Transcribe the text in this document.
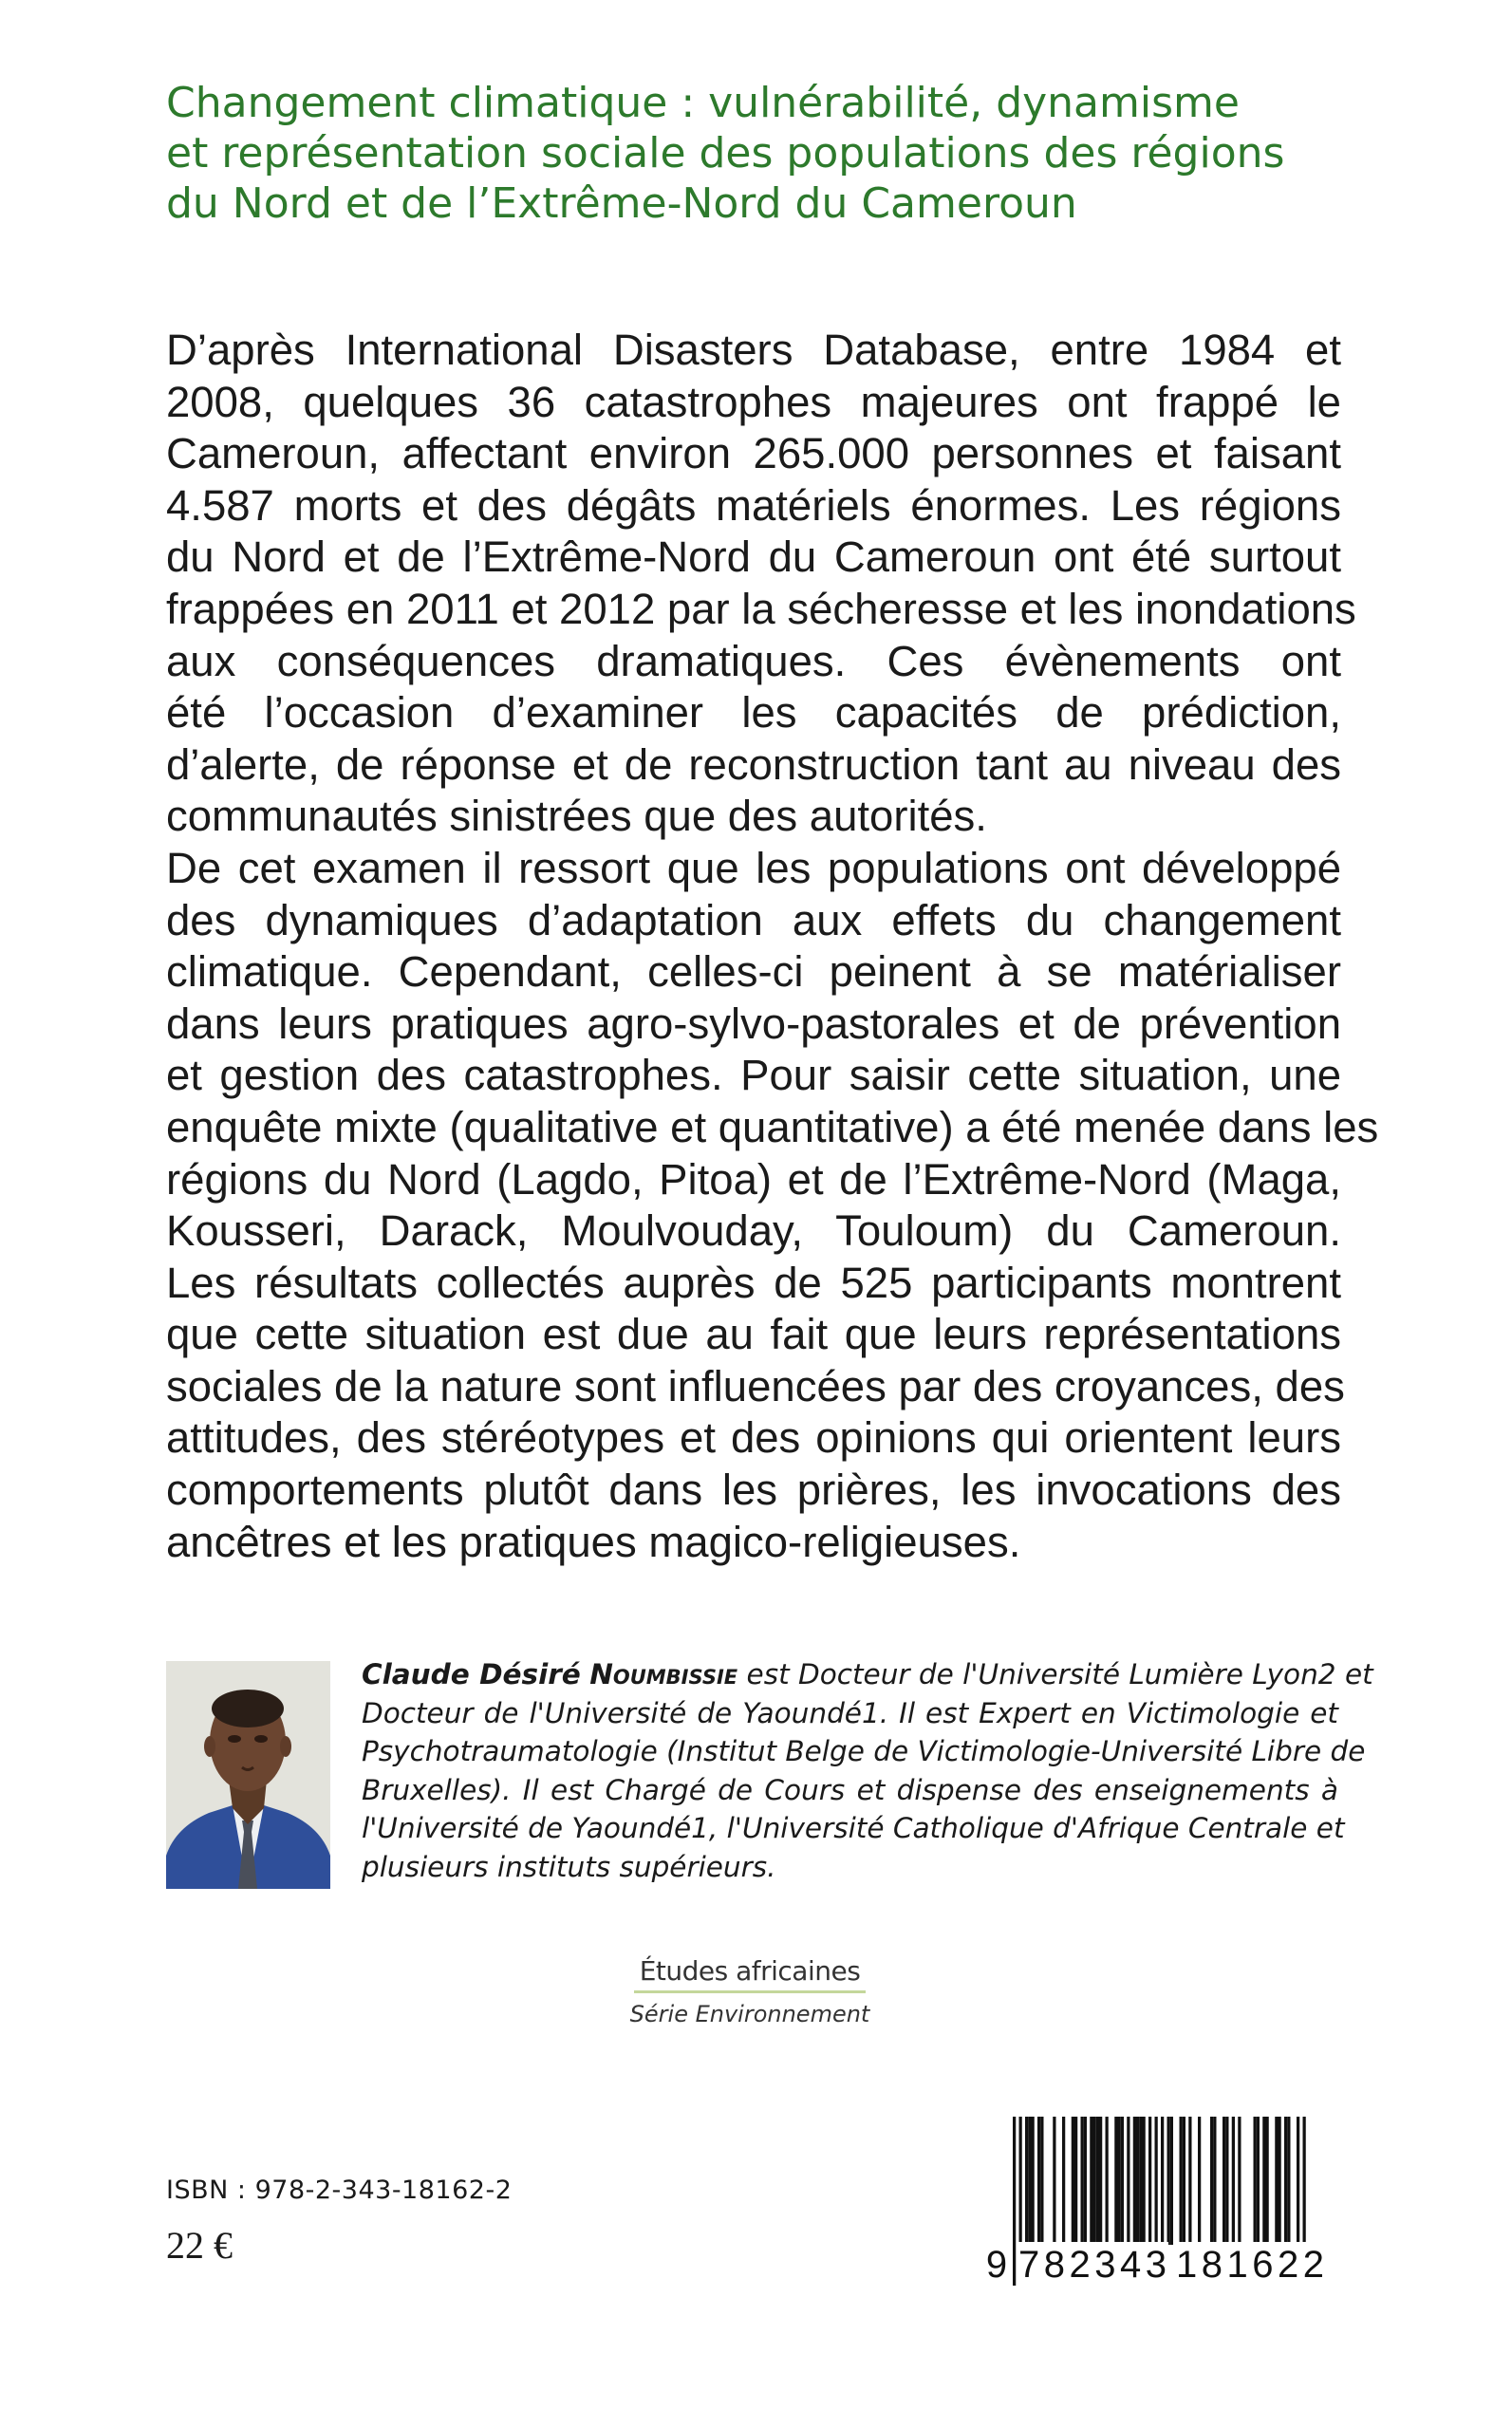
Changement climatique : vulnérabilité, dynamisme
et représentation sociale des populations des régions
du Nord et de l’Extrême-Nord du Cameroun
D’après International Disasters Database, entre 1984 et
2008, quelques 36 catastrophes majeures ont frappé le
Cameroun, affectant environ 265.000 personnes et faisant
4.587 morts et des dégâts matériels énormes. Les régions
du Nord et de l’Extrême-Nord du Cameroun ont été surtout
frappées en 2011 et 2012 par la sécheresse et les inondations
aux conséquences dramatiques. Ces évènements ont
été l’occasion d’examiner les capacités de prédiction,
d’alerte, de réponse et de reconstruction tant au niveau des
communautés sinistrées que des autorités.
De cet examen il ressort que les populations ont développé
des dynamiques d’adaptation aux effets du changement
climatique. Cependant, celles-ci peinent à se matérialiser
dans leurs pratiques agro-sylvo-pastorales et de prévention
et gestion des catastrophes. Pour saisir cette situation, une
enquête mixte (qualitative et quantitative) a été menée dans les
régions du Nord (Lagdo, Pitoa) et de l’Extrême-Nord (Maga,
Kousseri, Darack, Moulvouday, Touloum) du Cameroun.
Les résultats collectés auprès de 525 participants montrent
que cette situation est due au fait que leurs représentations
sociales de la nature sont influencées par des croyances, des
attitudes, des stéréotypes et des opinions qui orientent leurs
comportements plutôt dans les prières, les invocations des
ancêtres et les pratiques magico-religieuses.
Claude Désiré Noumbissie est Docteur de l'Université Lumière Lyon2 et
Docteur de l'Université de Yaoundé1. Il est Expert en Victimologie et
Psychotraumatologie (Institut Belge de Victimologie-Université Libre de
Bruxelles). Il est Chargé de Cours et dispense des enseignements à
l'Université de Yaoundé1, l'Université Catholique d'Afrique Centrale et
plusieurs instituts supérieurs.
Études africaines
Série Environnement
ISBN : 978-2-343-18162-2
22 €	9 782343 181622
